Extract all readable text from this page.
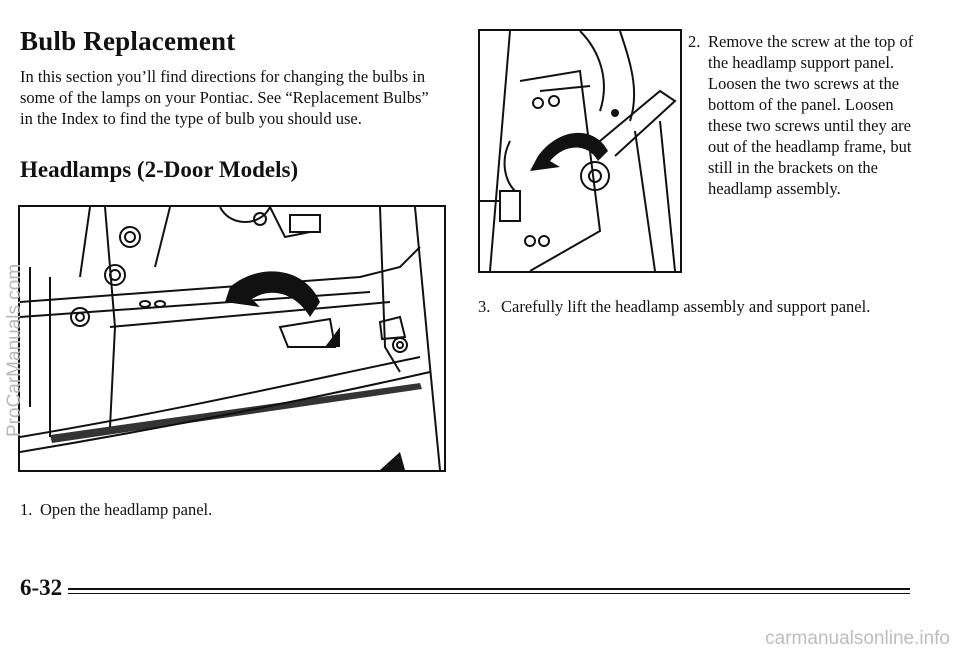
Bulb Replacement

In this section you’ll find directions for changing the bulbs in some of the lamps on your Pontiac. See “Replacement Bulbs” in the Index to find the type of bulb you should use.

Headlamps (2-Door Models)
1. Open the headlamp panel.
2. Remove the screw at the top of the headlamp support panel. Loosen the two screws at the bottom of the panel. Loosen these two screws until they are out of the headlamp frame, but still in the brackets on the headlamp assembly.
3. Carefully lift the headlamp assembly and support panel.
6-32
ProCarManuals.com
carmanualsonline.info
